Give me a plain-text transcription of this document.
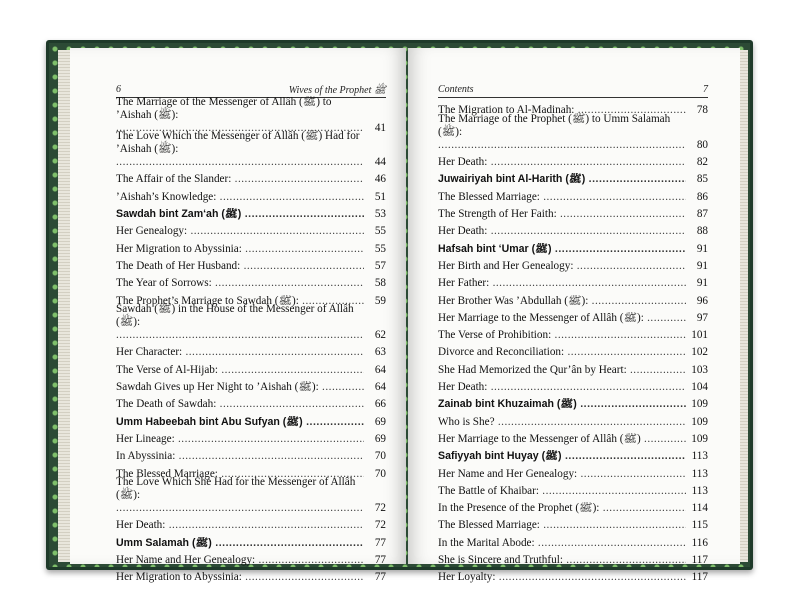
6	Wives of the Prophet ﷺ	Contents	7
The Marriage of the Messenger of Allâh (ﷺ) to ’Aishah (ﷺ): .....
41
The Love Which the Messenger of Allâh (ﷺ) Had for ’Aishah (ﷺ): .....
44
The Affair of the Slander: .....	46
’Aishah’s Knowledge: .....	51
Sawdah bint Zam‘ah (ﷺ) .....	53
Her Genealogy: .....	55
Her Migration to Abyssinia: .....	55
The Death of Her Husband: .....	57
The Year of Sorrows: .....	58
The Prophet’s Marriage to Sawdah (ﷺ): .....	59
Sawdah (ﷺ) in the House of the Messenger of Allâh (ﷺ): .....
62
Her Character: .....	63
The Verse of Al-Hijab: .....	64
Sawdah Gives up Her Night to ’Aishah (ﷺ): .....	64
The Death of Sawdah: .....	66
Umm Habeebah bint Abu Sufyan (ﷺ) .....	69
Her Lineage: .....	69
In Abyssinia: .....	70
The Blessed Marriage: .....	70
The Love Which She Had for the Messenger of Allâh (ﷺ): .....
72
Her Death: .....	72
Umm Salamah (ﷺ) .....	77
Her Name and Her Genealogy: .....	77
Her Migration to Abyssinia: .....	77
The Migration to Al-Madinah: .....	78
The Marriage of the Prophet (ﷺ) to Umm Salamah (ﷺ): .....
80
Her Death: .....	82
Juwairiyah bint Al-Harith (ﷺ) .....	85
The Blessed Marriage: .....	86
The Strength of Her Faith: .....	87
Her Death: .....	88
Hafsah bint ‘Umar (ﷺ) .....	91
Her Birth and Her Genealogy: .....	91
Her Father: .....	91
Her Brother Was ’Abdullah (ﷺ): .....	96
Her Marriage to the Messenger of Allâh (ﷺ): .....	97
The Verse of Prohibition: .....	101
Divorce and Reconciliation: .....	102
She Had Memorized the Qur’ân by Heart: .....	103
Her Death: .....	104
Zainab bint Khuzaimah (ﷺ) .....	109
Who is She? .....	109
Her Marriage to the Messenger of Allâh (ﷺ) .....	109
Safiyyah bint Huyay (ﷺ) .....	113
Her Name and Her Genealogy: .....	113
The Battle of Khaibar: .....	113
In the Presence of the Prophet (ﷺ): .....	114
The Blessed Marriage: .....	115
In the Marital Abode: .....	116
She is Sincere and Truthful: .....	117
Her Loyalty: .....	117
